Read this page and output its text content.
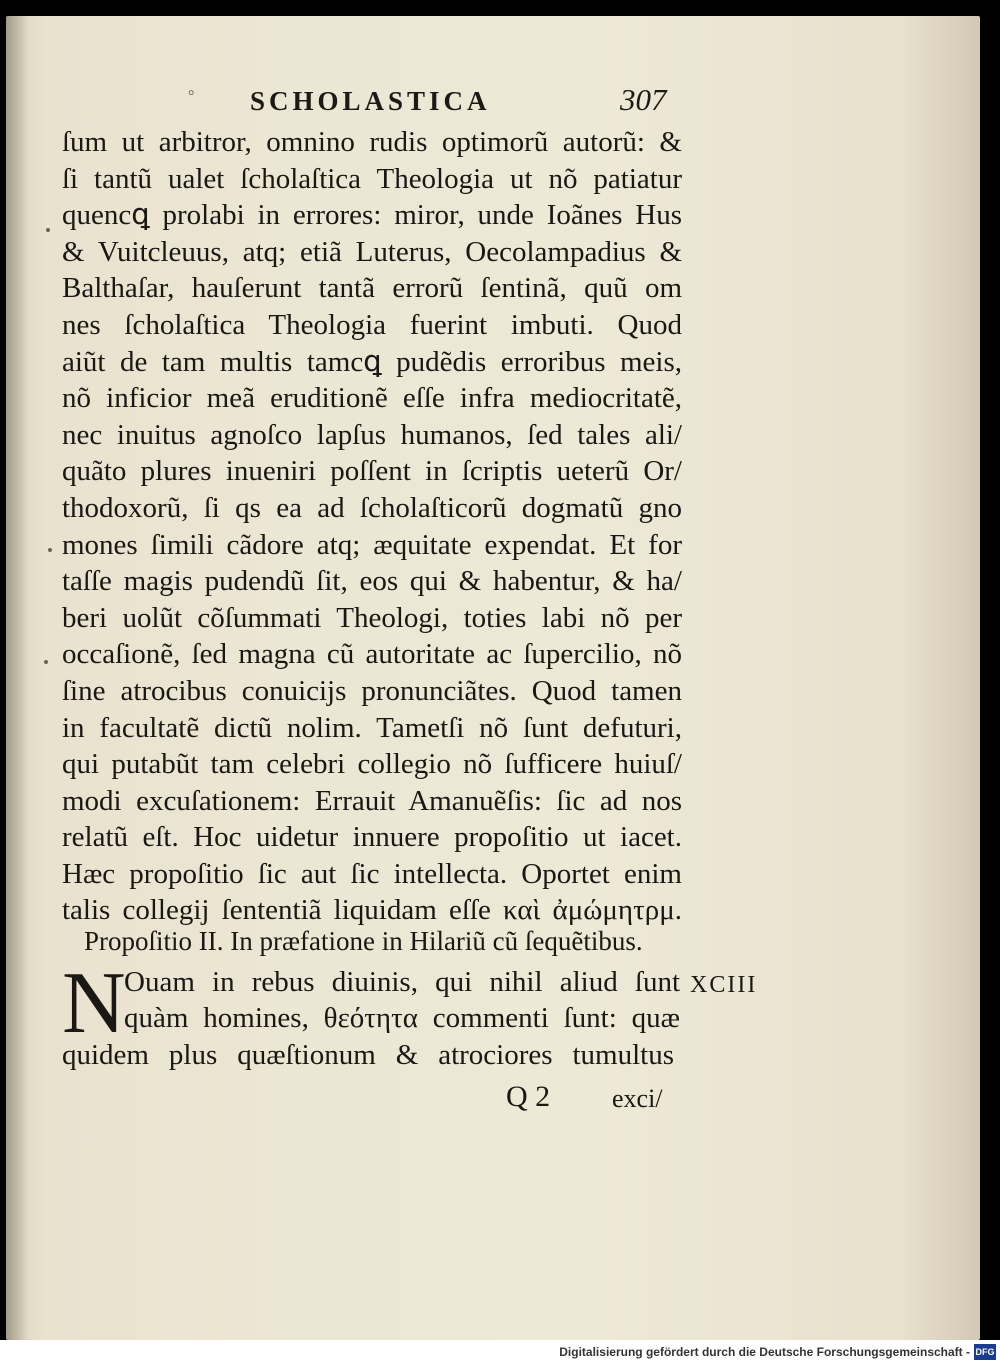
° SCHOLASTICA	307
ſum ut arbitror, omnino rudis optimorũ autorũ: &
ſi tantũ ualet ſcholaſtica Theologia ut nõ patiatur
quencꝗ prolabi in errores: miror, unde Ioãnes Hus
& Vuitcleuus, atq; etiã Luterus, Oecolampadius &
Balthaſar, hauſerunt tantã errorũ ſentinã, quũ om
nes ſcholaſtica Theologia fuerint imbuti. Quod
aiũt de tam multis tamcꝗ pudẽdis erroribus meis,
nõ inficior meã eruditionẽ eſſe infra mediocritatẽ,
nec inuitus agnoſco lapſus humanos, ſed tales ali/
quãto plures inueniri poſſent in ſcriptis ueterũ Or/
thodoxorũ, ſi qs ea ad ſcholaſticorũ dogmatũ gno
mones ſimili cãdore atq; æquitate expendat. Et for
taſſe magis pudendũ ſit, eos qui & habentur, & ha/
beri uolũt cõſummati Theologi, toties labi nõ per
occaſionẽ, ſed magna cũ autoritate ac ſupercilio, nõ
ſine atrocibus conuicijs pronunciãtes. Quod tamen
in facultatẽ dictũ nolim. Tametſi nõ ſunt defuturi,
qui putabũt tam celebri collegio nõ ſufficere huiuſ/
modi excuſationem: Errauit Amanuẽſis: ſic ad nos
relatũ eſt. Hoc uidetur innuere propoſitio ut iacet.
Hæc propoſitio ſic aut ſic intellecta. Oportet enim
talis collegij ſententiã liquidam eſſe καὶ ἀμώμητρμ.
Propoſitio II. In præfatione in Hilariũ cũ ſequẽtibus.
N
Ouam in rebus diuinis, qui nihil aliud ſunt
quàm homines, θεότητα commenti ſunt: quæ
quidem plus quæſtionum & atrociores tumultus
XCIII
Q 2 exci/
Digitalisierung gefördert durch die Deutsche Forschungsgemeinschaft - DFG
